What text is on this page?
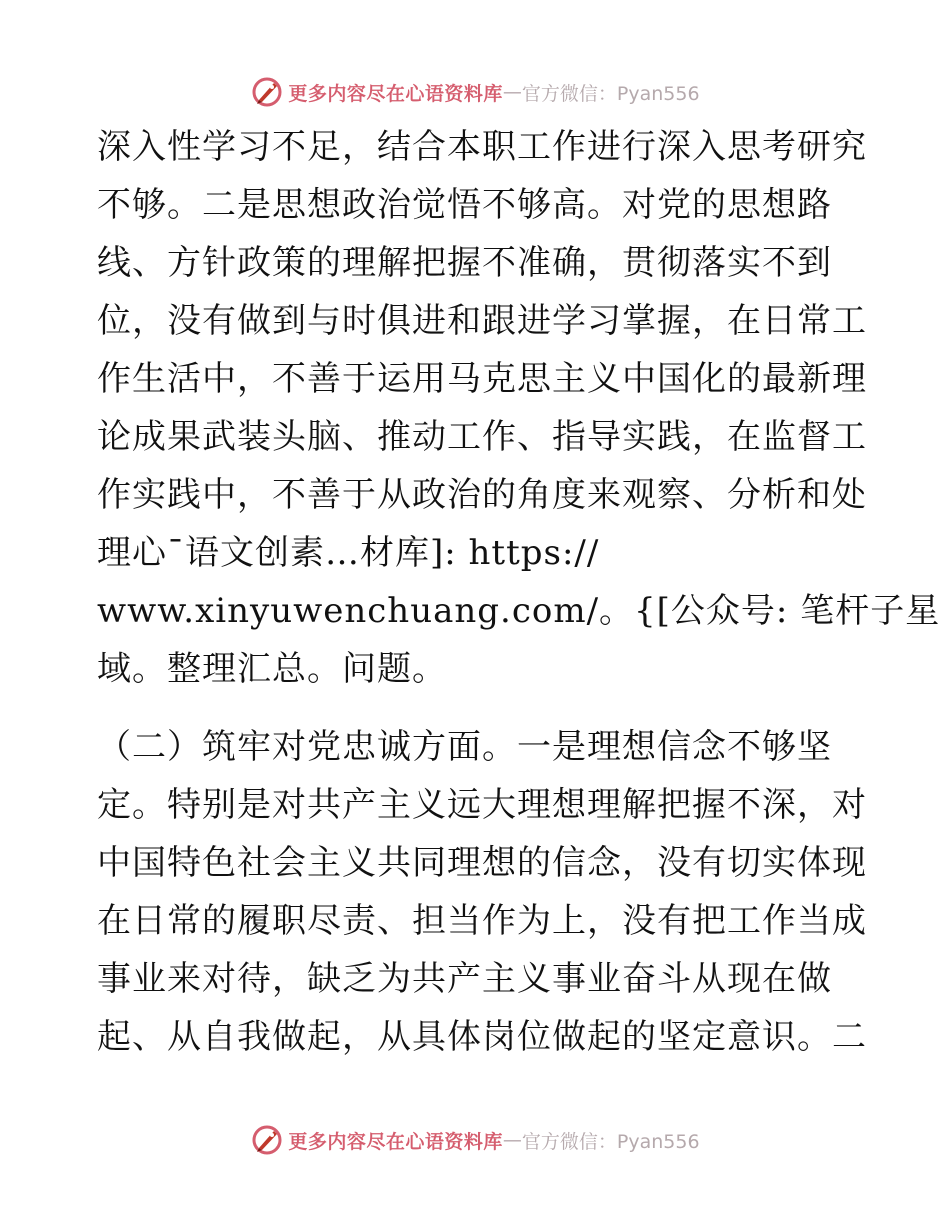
更多内容尽在心语资料库 — 官方微信：Pyan556
深入性学习不足，结合本职工作进行深入思考研究
不够。二是思想政治觉悟不够高。对党的思想路
线、方针政策的理解把握不准确，贯彻落实不到
位，没有做到与时俱进和跟进学习掌握，在日常工
作生活中，不善于运用马克思主义中国化的最新理
论成果武装头脑、推动工作、指导实践，在监督工
作实践中，不善于从政治的角度来观察、分析和处
理心¯语文创素…材库]: https://
www.xinyuwenchuang.com/。{[公众号: 笔杆子星
域。整理汇总。问题。
（二）筑牢对党忠诚方面。一是理想信念不够坚
定。特别是对共产主义远大理想理解把握不深，对
中国特色社会主义共同理想的信念，没有切实体现
在日常的履职尽责、担当作为上，没有把工作当成
事业来对待，缺乏为共产主义事业奋斗从现在做
起、从自我做起，从具体岗位做起的坚定意识。二
更多内容尽在心语资料库 — 官方微信：Pyan556
